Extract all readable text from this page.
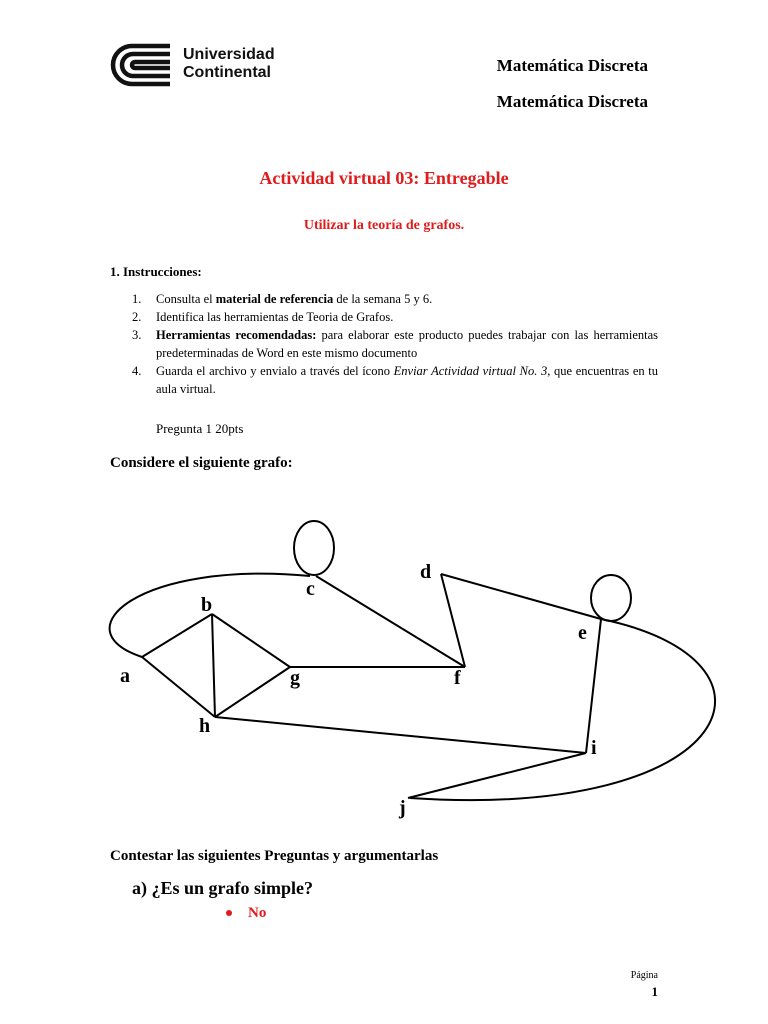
Universidad
Continental	Matemática Discreta
Matemática Discreta
Actividad virtual 03: Entregable
Utilizar la teoría de grafos.
1. Instrucciones:
1. Consulta el material de referencia de la semana 5 y 6.
2. Identifica las herramientas de Teoria de Grafos.
3. Herramientas recomendadas: para elaborar este producto puedes trabajar con las herramientas predeterminadas de Word en este mismo documento
4. Guarda el archivo y envialo a través del ícono Enviar Actividad virtual No. 3, que encuentras en tu aula virtual.
Pregunta 1 20pts
Considere el siguiente grafo:
a
b
c
d
e
f
g
h
i
j
Contestar las siguientes Preguntas y argumentarlas
a) ¿Es un grafo simple?
No
Página
1
